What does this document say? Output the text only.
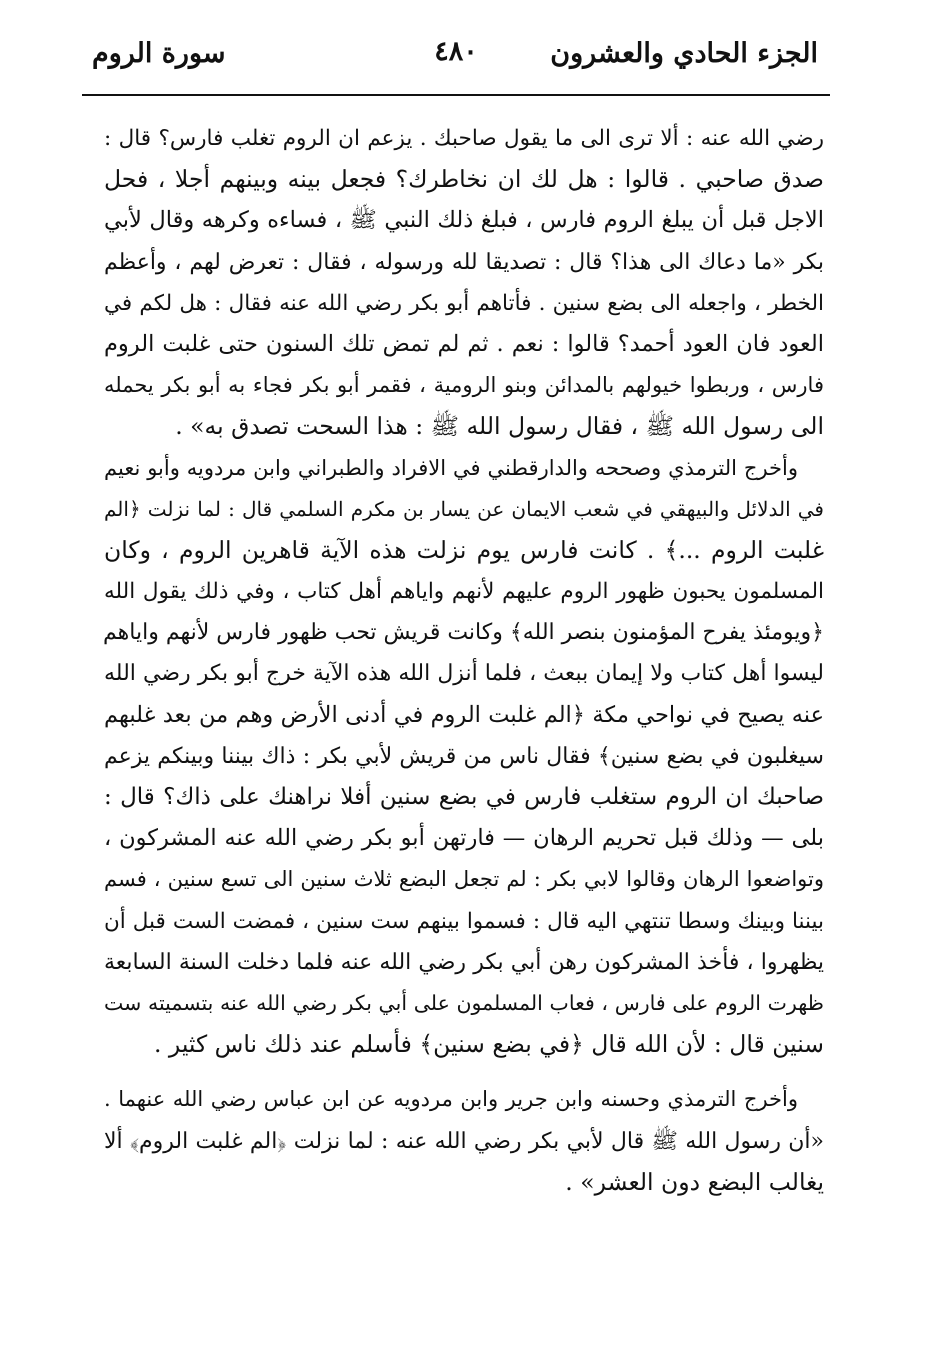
الجزء الحادي والعشرون
٤٨٠
سورة الروم
رضي الله عنه : ألا ترى الى ما يقول صاحبك . يزعم ان الروم تغلب فارس؟ قال :
صدق صاحبي . قالوا : هل لك ان نخاطرك؟ فجعل بينه وبينهم أجلا ، فحل
الاجل قبل أن يبلغ الروم فارس ، فبلغ ذلك النبي ﷺ ، فساءه وكرهه وقال لأبي
بكر «ما دعاك الى هذا؟ قال : تصديقا لله ورسوله ، فقال : تعرض لهم ، وأعظم
الخطر ، واجعله الى بضع سنين . فأتاهم أبو بكر رضي الله عنه فقال : هل لكم في
العود فان العود أحمد؟ قالوا : نعم . ثم لم تمض تلك السنون حتى غلبت الروم
فارس ، وربطوا خيولهم بالمدائن وبنو الرومية ، فقمر أبو بكر فجاء به أبو بكر يحمله
الى رسول الله ﷺ ، فقال رسول الله ﷺ : هذا السحت تصدق به» .
وأخرج الترمذي وصححه والدارقطني في الافراد والطبراني وابن مردويه وأبو نعيم
في الدلائل والبيهقي في شعب الايمان عن يسار بن مكرم السلمي قال : لما نزلت ﴿الم
غلبت الروم ...﴾ . كانت فارس يوم نزلت هذه الآية قاهرين الروم ، وكان
المسلمون يحبون ظهور الروم عليهم لأنهم واياهم أهل كتاب ، وفي ذلك يقول الله
﴿ويومئذ يفرح المؤمنون بنصر الله﴾ وكانت قريش تحب ظهور فارس لأنهم واياهم
ليسوا أهل كتاب ولا إيمان ببعث ، فلما أنزل الله هذه الآية خرج أبو بكر رضي الله
عنه يصيح في نواحي مكة ﴿الم غلبت الروم في أدنى الأرض وهم من بعد غلبهم
سيغلبون في بضع سنين﴾ فقال ناس من قريش لأبي بكر : ذاك بيننا وبينكم يزعم
صاحبك ان الروم ستغلب فارس في بضع سنين أفلا نراهنك على ذاك؟ قال :
بلى — وذلك قبل تحريم الرهان — فارتهن أبو بكر رضي الله عنه المشركون ،
وتواضعوا الرهان وقالوا لابي بكر : لم تجعل البضع ثلاث سنين الى تسع سنين ، فسم
بيننا وبينك وسطا تنتهي اليه قال : فسموا بينهم ست سنين ، فمضت الست قبل أن
يظهروا ، فأخذ المشركون رهن أبي بكر رضي الله عنه فلما دخلت السنة السابعة
ظهرت الروم على فارس ، فعاب المسلمون على أبي بكر رضي الله عنه بتسميته ست
سنين قال : لأن الله قال ﴿في بضع سنين﴾ فأسلم عند ذلك ناس كثير .
وأخرج الترمذي وحسنه وابن جرير وابن مردويه عن ابن عباس رضي الله عنهما .
«أن رسول الله ﷺ قال لأبي بكر رضي الله عنه : لما نزلت ﴿الم غلبت الروم﴾ ألا
يغالب البضع دون العشر» .
